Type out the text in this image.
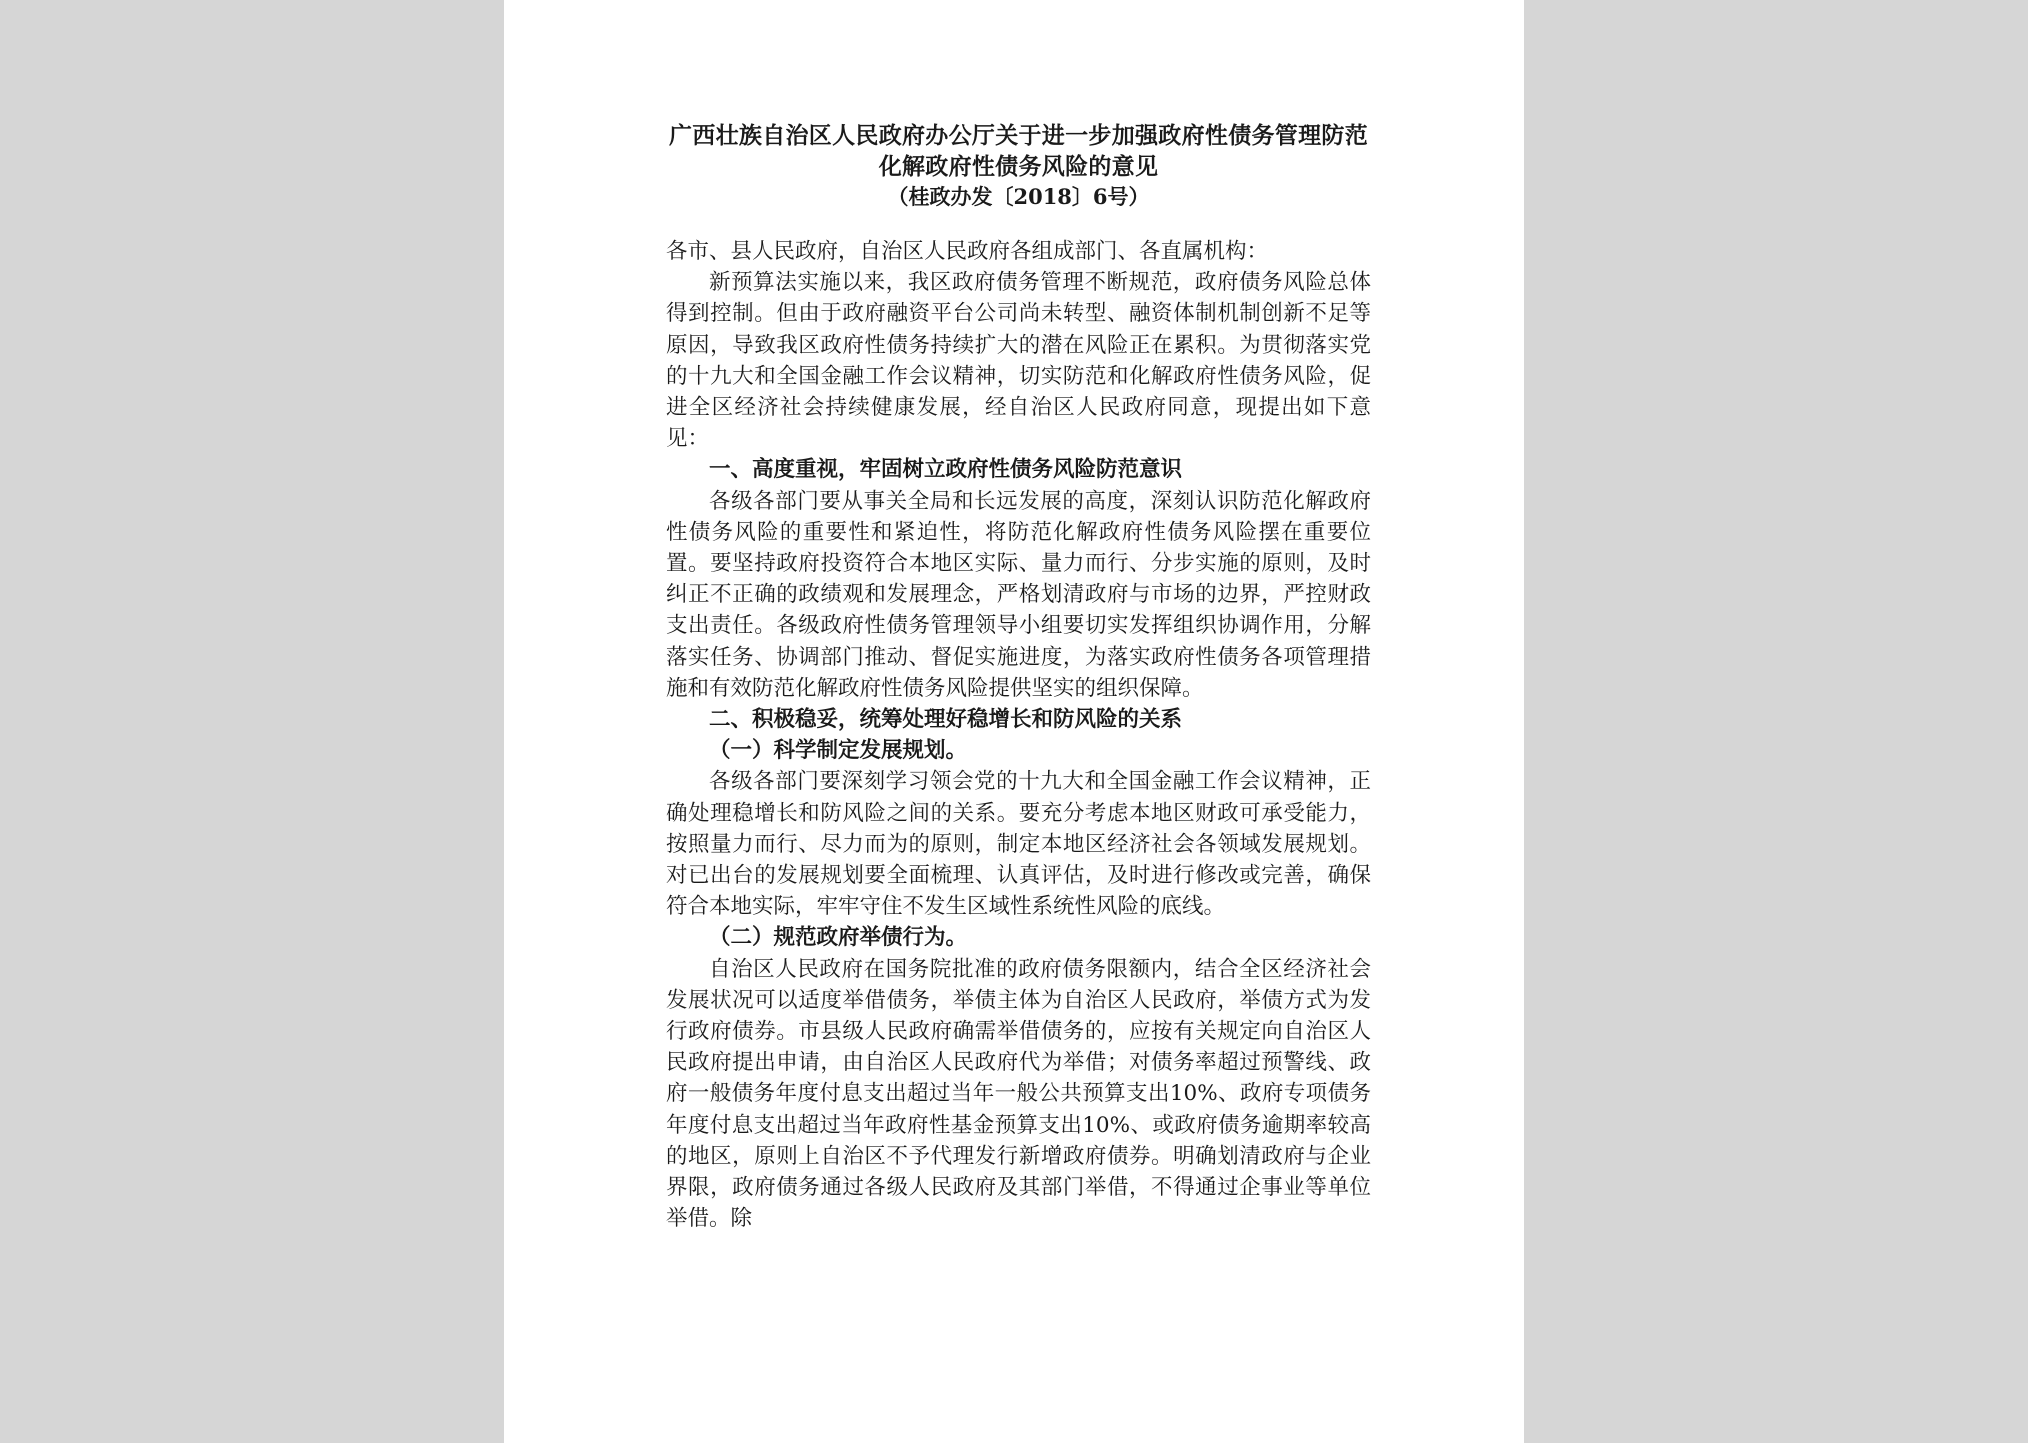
广西壮族自治区人民政府办公厅关于进一步加强政府性债务管理防范化解政府性债务风险的意见

（桂政办发〔2018〕6号）

各市、县人民政府，自治区人民政府各组成部门、各直属机构：

新预算法实施以来，我区政府债务管理不断规范，政府债务风险总体得到控制。但由于政府融资平台公司尚未转型、融资体制机制创新不足等原因，导致我区政府性债务持续扩大的潜在风险正在累积。为贯彻落实党的十九大和全国金融工作会议精神，切实防范和化解政府性债务风险，促进全区经济社会持续健康发展，经自治区人民政府同意，现提出如下意见：

一、高度重视，牢固树立政府性债务风险防范意识

各级各部门要从事关全局和长远发展的高度，深刻认识防范化解政府性债务风险的重要性和紧迫性，将防范化解政府性债务风险摆在重要位置。要坚持政府投资符合本地区实际、量力而行、分步实施的原则，及时纠正不正确的政绩观和发展理念，严格划清政府与市场的边界，严控财政支出责任。各级政府性债务管理领导小组要切实发挥组织协调作用，分解落实任务、协调部门推动、督促实施进度，为落实政府性债务各项管理措施和有效防范化解政府性债务风险提供坚实的组织保障。

二、积极稳妥，统筹处理好稳增长和防风险的关系

（一）科学制定发展规划。

各级各部门要深刻学习领会党的十九大和全国金融工作会议精神，正确处理稳增长和防风险之间的关系。要充分考虑本地区财政可承受能力，按照量力而行、尽力而为的原则，制定本地区经济社会各领域发展规划。对已出台的发展规划要全面梳理、认真评估，及时进行修改或完善，确保符合本地实际，牢牢守住不发生区域性系统性风险的底线。

（二）规范政府举债行为。

自治区人民政府在国务院批准的政府债务限额内，结合全区经济社会发展状况可以适度举借债务，举债主体为自治区人民政府，举债方式为发行政府债券。市县级人民政府确需举借债务的，应按有关规定向自治区人民政府提出申请，由自治区人民政府代为举借；对债务率超过预警线、政府一般债务年度付息支出超过当年一般公共预算支出10%、政府专项债务年度付息支出超过当年政府性基金预算支出10%、或政府债务逾期率较高的地区，原则上自治区不予代理发行新增政府债券。明确划清政府与企业界限，政府债务通过各级人民政府及其部门举借，不得通过企事业等单位举借。除
